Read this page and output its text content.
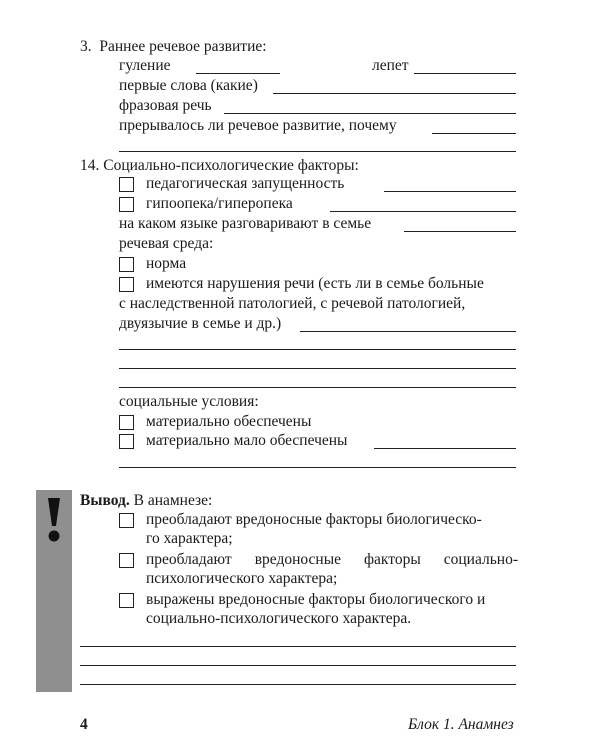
3. Раннее речевое развитие:
гуление	лепет
первые слова (какие)
фразовая речь
прерывалось ли речевое развитие, почему
14. Социально-психологические факторы:
педагогическая запущенность
гипоопека/гиперопека
на каком языке разговаривают в семье
речевая среда:
норма
имеются нарушения речи (есть ли в семье больные
с наследственной патологией, с речевой патологией,
двуязычие в семье и др.)
социальные условия:
материально обеспечены
материально мало обеспечены
Вывод. В анамнезе:
преобладают вредоносные факторы биологическо-
го характера;
преобладают вредоносные факторы социально-
психологического характера;
выражены вредоносные факторы биологического и
социально-психологического характера.
4	Блок 1. Анамнез
